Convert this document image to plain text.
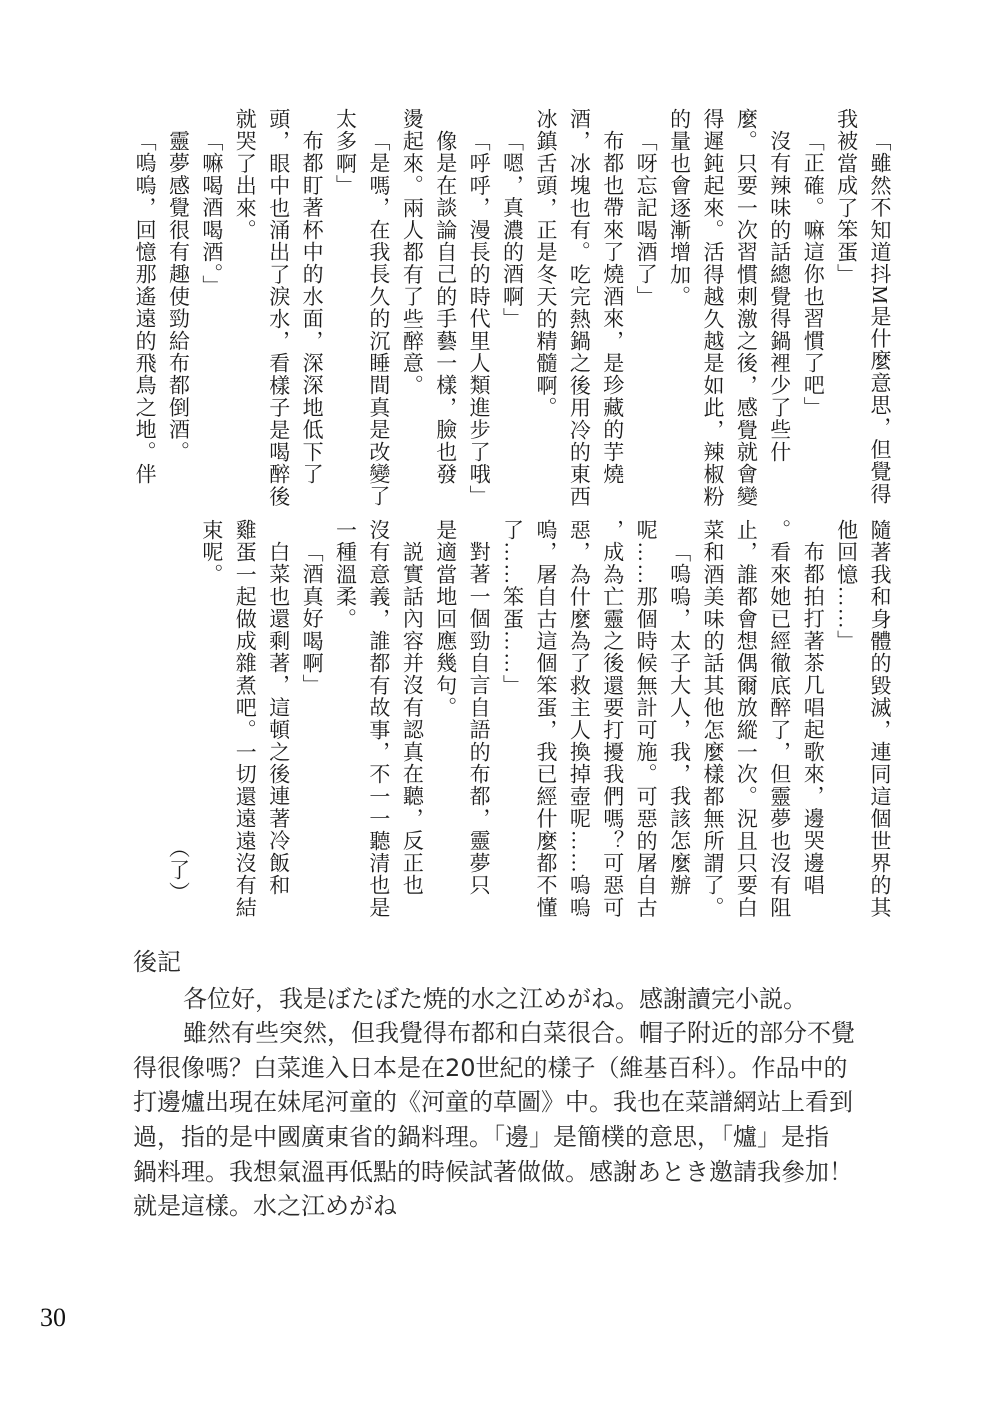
「雖然不知道抖M是什麼意思，但覺得
我被當成了笨蛋」
「正確。嘛這你也習慣了吧」
沒有辣味的話總覺得鍋裡少了些什
麼。只要一次習慣刺激之後，感覺就會變
得遲鈍起來。活得越久越是如此，辣椒粉
的量也會逐漸增加。
「呀忘記喝酒了」
布都也帶來了燒酒來，是珍藏的芋燒
酒，冰塊也有。吃完熱鍋之後用冷的東西
冰鎮舌頭，正是冬天的精髓啊。
「嗯，真濃的酒啊」
「呼呼，漫長的時代里人類進步了哦」
像是在談論自己的手藝一樣，臉也發
燙起來。兩人都有了些醉意。
「是嗎，在我長久的沉睡間真是改變了
太多啊」
布都盯著杯中的水面，深深地低下了
頭，眼中也涌出了淚水，看樣子是喝醉後
就哭了出來。
「嘛喝酒喝酒。」
靈夢感覺很有趣使勁給布都倒酒。
「嗚嗚，回憶那遙遠的飛鳥之地。伴
隨著我和身體的毀滅，連同這個世界的其
他回憶……」
布都拍打著茶几唱起歌來，邊哭邊唱
。看來她已經徹底醉了，但靈夢也沒有阻
止，誰都會想偶爾放縱一次。況且只要白
菜和酒美味的話其他怎麼樣都無所謂了。
「嗚嗚，太子大人，我，我該怎麼辦
呢……那個時候無計可施。可惡的屠自古
，成為亡靈之後還要打擾我們嗎？可惡可
惡，為什麼為了救主人換掉壺呢……嗚嗚
嗚，屠自古這個笨蛋，我已經什麼都不懂
了……笨蛋……」
對著一個勁自言自語的布都，靈夢只
是適當地回應幾句。
説實話內容并沒有認真在聽，反正也
沒有意義，誰都有故事，不一一聽清也是
一種溫柔。
「酒真好喝啊」
白菜也還剩著，這頓之後連著冷飯和
雞蛋一起做成雜煮吧。一切還遠遠沒有結
束呢。
（了）
後記
各位好，我是ぼたぼた焼的水之江めがね。感謝讀完小説。
雖然有些突然，但我覺得布都和白菜很合。帽子附近的部分不覺
得很像嗎？白菜進入日本是在20世紀的樣子（維基百科）。作品中的
打邊爐出現在妹尾河童的《河童的草圖》中。我也在菜譜網站上看到
過，指的是中國廣東省的鍋料理。「邊」是簡樸的意思，「爐」是指
鍋料理。我想氣溫再低點的時候試著做做。感謝あとき邀請我參加！
就是這樣。水之江めがね
30
